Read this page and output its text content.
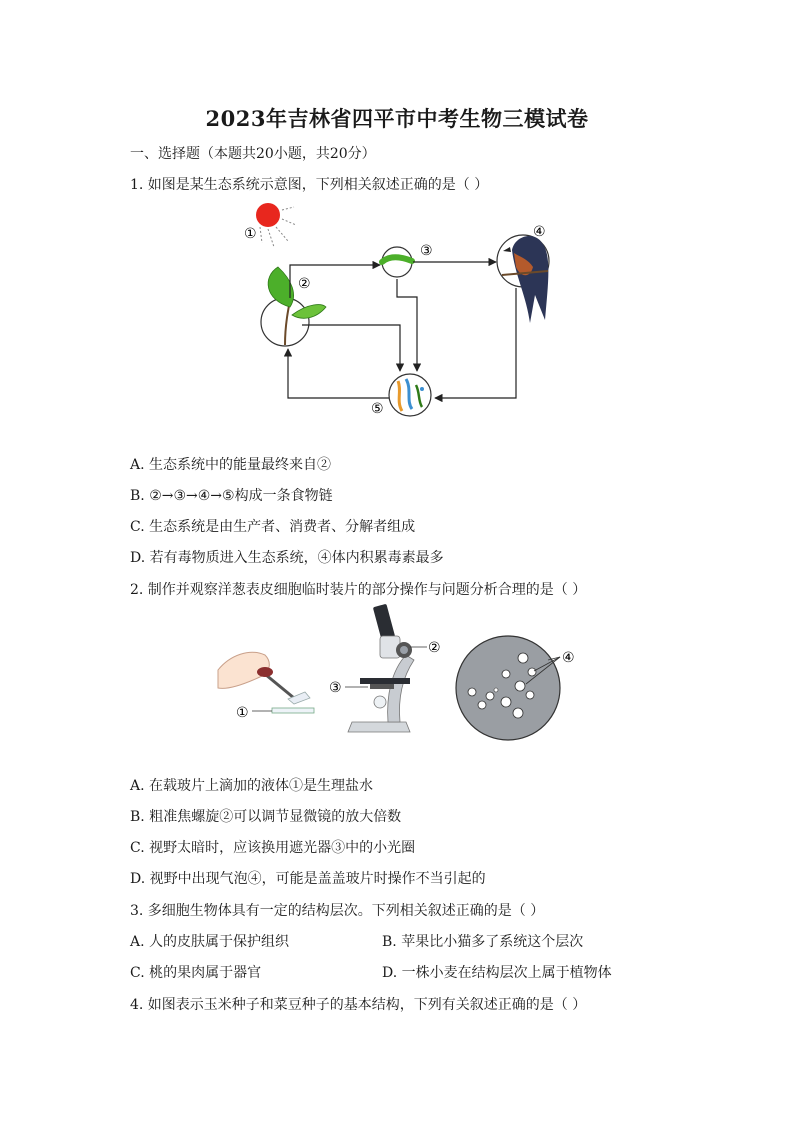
2023年吉林省四平市中考生物三模试卷
一、选择题（本题共20小题，共20分）
1. 如图是某生态系统示意图，下列相关叙述正确的是（ ）
①
②
③
④
⑤
A. 生态系统中的能量最终来自②
B. ②→③→④→⑤构成一条食物链
C. 生态系统是由生产者、消费者、分解者组成
D. 若有毒物质进入生态系统，④体内积累毒素最多
2. 制作并观察洋葱表皮细胞临时装片的部分操作与问题分析合理的是（ ）
①
②
③
④
A. 在载玻片上滴加的液体①是生理盐水
B. 粗准焦螺旋②可以调节显微镜的放大倍数
C. 视野太暗时，应该换用遮光器③中的小光圈
D. 视野中出现气泡④，可能是盖盖玻片时操作不当引起的
3. 多细胞生物体具有一定的结构层次。下列相关叙述正确的是（ ）
A. 人的皮肤属于保护组织	B. 苹果比小猫多了系统这个层次
C. 桃的果肉属于器官	D. 一株小麦在结构层次上属于植物体
4. 如图表示玉米种子和菜豆种子的基本结构，下列有关叙述正确的是（ ）
